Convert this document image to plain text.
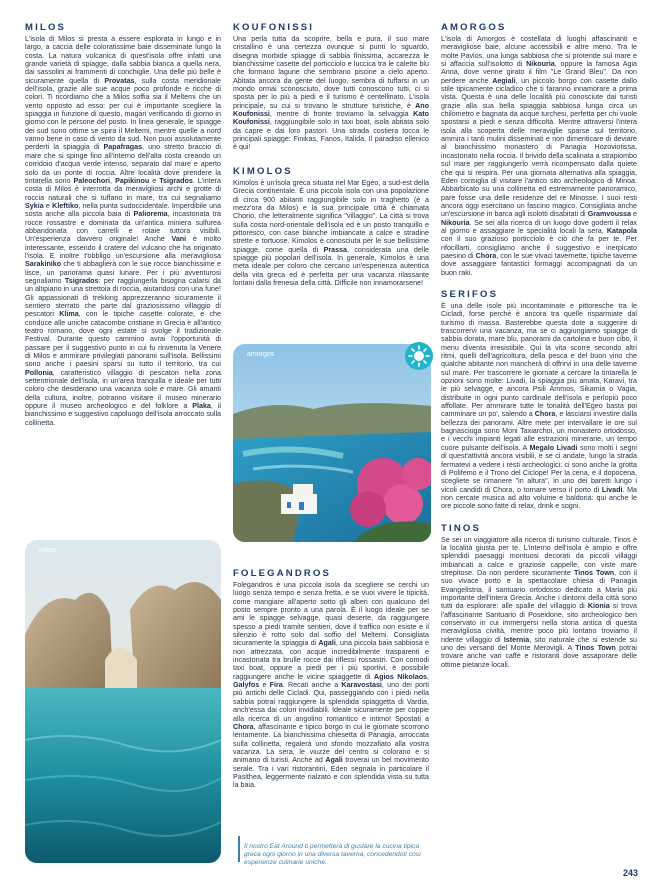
MILOS

L'isola di Milos si presta a essere esplorata in lungo e in largo, a caccia delle coloratissime baie disseminate lungo la costa. La natura vulcanica di quest'isola offre infatti una grande varietà di spiagge, dalla sabbia bianca a quella nera, dai sassolini ai frammenti di conchiglie. Una delle più belle è sicuramente quella di Provatas, sulla costa meridionale dell'isola, grazie alle sue acque poco profonde e ricche di colori. Ti ricordiamo che a Milos soffia sia il Meltemi che un vento opposto ad esso: per cui è importante scegliere la spiaggia in funzione di questo, magari verificando di giorno in giorno con le persone del posto. In linea generale, le spiagge dei sud sono ottime se spira il Meltemi, mentre quelle a nord vanno bene in caso di vento da sud. Non puoi assolutamente perderti la spiaggia di Papafragas, uno stretto braccio di mare che si spinge fino all'interno dell'alta costa creando un corridoio d'acqua verde intenso, separato dal mare e aperto solo da un ponte di roccia. Altre località dove prendere la tintarella sono Paleochori, Papikinou e Tsigrados. L'intera costa di Milos è interrotta da meravigliosi archi e grotte di roccia naturali che si tuffano in mare, tra cui segnaliamo Sykia e Kleftiko, nella punta sudoccidentale. Imperdibile una sosta anche alla piccola baia di Paliorema, incastonata tra rocce rossastre e dominata da un'antica miniera sulfurea abbandonata con carrelli e rotaie tuttora visibili. Un'esperienza davvero originale! Anche Vani è molto interessante, essendo il cratere del vulcano che ha originato l'isola. E inoltre t'obbligo un'escursione alla meravigliosa Sarakiniko che ti abbaglierà con le sue rocce bianchissime e lisce, un panorama quasi lunare. Per i più avventurosi segnaliamo Tsigrados: per raggiungerla bisogna calarsi da un altipiano in una strettoia di roccia, aiutandosi con una fune! Gli appassionati di trekking apprezzeranno sicuramente il sentiero sterrato che parte dal graziosissimo villaggio di pescatori Klima, con le tipiche casette colorate, e che conduce alle uniche catacombe cristiane in Grecia e all'antico teatro romano, dove ogni estate si svolge il tradizionale Festival. Durante questo cammino avrai l'opportunità di passare per il suggestivo punto in cui fu rinvenuta la Venere di Milos e ammirare privilegiati panorami sull'isola. Bellissimi sono anche i paesini sparsi su tutto il territorio, tra cui Pollonia, caratteristico villaggio di pescatori nella zona settentrionale dell'isola, in un'area tranquilla e ideale per tutti coloro che desiderano una vacanza sole e mare. Gli amanti della cultura, inoltre, potranno visitare il museo minerario oppure il museo archeologico e del folklore a Plaka, il bianchissimo e suggestivo capoluogo dell'isola arroccato sulla collinetta.

milos
KOUFONISSI

Una perla tutta da scoprire, bella e pura, il suo mare cristallino è una certezza ovunque si punti lo sguardo, disegna morbide spiagge di sabbia finissima, accarezza le bianchissime casette del porticciolo e luccica tra le calette blu che formano lagune che sembrano piscine a cielo aperto. Abitata ancora da gente del luogo, sembra di tuffarsi in un mondo ormai sconosciuto, dove tutti conoscono tutti, ci si sposta per lo più a piedi e il turismo è centellinato. L'isola principale, su cui si trovano le strutture turistiche, è Ano Koufonissi, mentre di fronte troviamo la selvaggia Kato Koufonissi, raggiungibile solo in taxi boat, isola abitata solo da capre e dai loro pastori. Una strada costiera tocca le principali spiagge: Finikas, Fanos, Italida. Il paradiso ellenico è qui!

KIMOLOS

Kimolos è un'isola greca situata nel Mar Egeo, a sud-est della Grecia continentale. È una piccola isola con una popolazione di circa 900 abitanti raggiungibile solo in traghetto (è a mezz'ora da Milos) e la sua principale città è chiamata Chorio, che letteralmente significa "villaggio". La città si trova sulla costa nord-orientale dell'isola ed è un posto tranquillo e pittoresco, con case bianche imbiancate a calce e stradine strette e tortuose. Kimolos è conosciuta per le sue bellissime spiagge, come quella di Prassa, considerata una delle spiagge più popolari dell'isola. In generale, Kimolos è una meta ideale per coloro che cercano un'esperienza autentica della vita greca ed è perfetta per una vacanza rilassante lontani dalla frenesia della città. Difficile non innamorarsene!

FOLEGANDROS

Folegandros è una piccola isola da scegliere se cerchi un luogo senza tempo e senza fretta, e se vuoi vivere le tipicità, come mangiare all'aperto sotto gli alberi con qualcuno del posto sempre pronto a una parola. È il luogo ideale per se ami le spiagge selvagge, quasi deserte, da raggiungere spesso a piedi tramite sentieri, dove il traffico non esiste e il silenzio è rotto solo dal soffio del Meltemi. Consigliata sicuramente la spiaggia di Agali, una piccola baia sabbiosa e non attrezzata, con acque incredibilmente trasparenti e incastonata tra brulle rocce dai riflessi rossastri. Con comodi taxi boat, oppure a piedi per i più sportivi, è possibile raggiungere anche le vicine spiaggette di Agios Nikolaos, Galyfos e Fira. Recati anche a Karavostasi, uno dei porti più antichi delle Cicladi. Qui, passeggiando con i piedi nella sabbia potrai raggiungere la splendida spiaggetta di Vardia, anch'essa dai colori invidiabili. Ideale sicuramente per coppie alla ricerca di un angolino romantico e intimo! Spostati a Chora, affascinante e tipico borgo in cui le giornate scorrono lentamente. La bianchissima chiesetta di Panagia, arroccata sulla collinetta, regalerà uno sfondo mozzafiato alla vostra vacanza. La sera, le viuzze del centro si colorano e si animano di turisti. Anche ad Agali troverai un bel movimento serale. Tra i vari ristorantini, Eden segnala in particolare il Pasithea, leggermente rialzato e con splendida vista su tutta la baia.

amorgos

Il nostro Eat Around ti permetterà di gustare la cucina tipica greca ogni giorno in una diversa taverna, concedendoti così esperienze culinarie uniche.

AMORGOS

L'isola di Amorgos è costellata di luoghi affascinanti e meravigliose baie, alcune accessibili e altre meno. Tra le molte Pavlos, una lunga sabbiosa che si protende sul mare e si affaccia sull'isolotto di Nikouria, oppure la famosa Agia Anna, dove venne girato il film "Le Grand Bleu". Da non perdere anche Aegiali, un piccolo borgo con casette dallo stile tipicamente cicladico che ti faranno innamorare a prima vista. Questa è una delle località più conosciute dai turisti grazie alla sua bella spiaggia sabbiosa lunga circa un chilometro e bagnata da acque turchesi, perfetta per chi vuole spostarsi a piedi e senza difficoltà. Mentre attraversi l'intera isola alla scoperta delle meraviglie sparse sul territorio, ammira i tanti mulini disseminati e non dimenticare di deviare al bianchissimo monastero di Panagia Hozoviotissa, incastonato nella roccia. Il brivido della scalinata a strapiombo sul mare per raggiungerlo verrà ricompensato dalla quiete che qui si respira. Per una giornata alternativa alla spiaggia, Eden consiglia di visitare l'antico sito archeologico di Minoa. Abbarbicato su una collinetta ed estremamente panoramico, pare fosse una delle residenze del re Minosse. I suoi resti ancora oggi esercitano un fascino magico. Consigliata anche un'escursione in barca agli isolotti disabitati di Gramvoussa e Nikouria. Se sei alla ricerca di un luogo dove goderti il relax al giorno e assaggiare le specialità locali la sera, Katapola con il suo grazioso porticciolo è ciò che fa per te. Per rifocillarti, consigliamo anche il suggestivo e inerpicato paesino di Chora, con le sue vivaci tavernette, tipiche taverne dove assaggiare fantastici formaggi accompagnati da un buon raki.

SERIFOS

È una delle isole più incontaminate e pittoresche tra le Cicladi, forse perché è ancora tra quelle risparmiate dal turismo di massa. Basterebbe questa dote a suggerire di trascorrervi una vacanza, ma se ci aggiungiamo spiagge di sabbia dorata, mare blu, panorami da cartolina e buon cibo, il menu diventa irresistibile. Qui la vita scorre secondo altri ritmi, quelli dell'agricoltura, della pesca e del buon vino che qualche abitante non mancherà di offrirvi in una delle taverne sul mare. Per trascorrere le giornate a cercare la tintarella le opzioni sono molte: Livadi, la spiaggia più amata, Karavi, tra le più selvagge, e ancora Psili Ammos, Sikamia o Vagia, distribuite in ogni punto cardinale dell'isola e perlopiù poco affollate. Per ammirare tutte le tonalità dell'Egeo basta poi camminare un po', salendo a Chora, e lasciarsi investire dalla bellezza dei panorami. Altre mete per intervallare le ore sul bagnasciuga sono Moni Taxiarchoi, un monastero ortodosso, e i vecchi impianti legati alle estrazioni minerarie, un tempo cuore pulsante dell'isola. A Megalo Livadi sono molti i segni di quest'attività ancora visibili, e se ci andate, lungo la strada fermatevi a vedere i resti archeologici: ci sono anche la grotta di Polifemo e il Trono del Ciclope! Per la cena, e il dopocena, scegliete se rimanere "in altura", in uno dei baretti lungo i vicoli candidi di Chora, o tornare verso il porto di Livadi. Ma non cercate musica ad alto volume e baldoria: qui anche le ore piccole sono fatte di relax, drink e sogni.

TINOS

Se sei un viaggiatore alla ricerca di turismo culturale, Tinos è la località giusta per te. L'interno dell'isola è ampio e offre splendidi paesaggi montuosi decorati da piccoli villaggi imbiancati a calce e graziose cappelle, con viste mare strepitose. Da non perdere sicuramente Tinos Town, con il suo vivace porto e la spettacolare chiesa di Panagia Evangelistria, il santuario ortodosso dedicato a Maria più importante dell'intera Grecia. Anche i dintorni della città sono tutti da esplorare: alle spalle del villaggio di Kionia si trova l'affascinante Santuario di Poseidone, sito archeologico ben conservato in cui immergersi nella storia antica di questa meravigliosa civiltà, mentre poco più lontano troviamo il ridente villaggio di Isternia, sito naturale che si estende su uno dei versanti del Monte Merovigli. A Tinos Town potrai trovare anche vari caffè e ristoranti dove assaporare delle ottime pietanze locali.

243
